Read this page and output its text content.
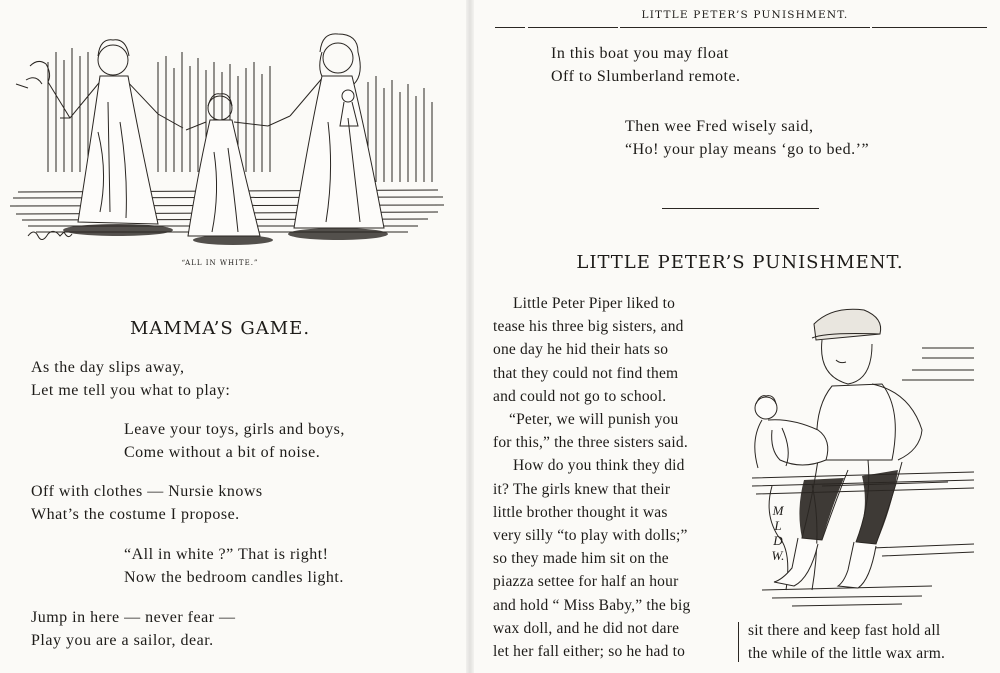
“ALL IN WHITE.”
MAMMA’S GAME.
As the day slips away,
Let me tell you what to play:
Leave your toys, girls and boys,
Come without a bit of noise.
Off with clothes — Nursie knows
What’s the costume I propose.
“All in white ?” That is right!
Now the bedroom candles light.
Jump in here — never fear —
Play you are a sailor, dear.
LITTLE PETER’S PUNISHMENT.
In this boat you may float
Off to Slumberland remote.
Then wee Fred wisely said,
“Ho! your play means ‘go to bed.’”
LITTLE PETER’S PUNISHMENT.
Little Peter Piper liked to
tease his three big sisters, and
one day he hid their hats so
that they could not find them
and could not go to school.
“Peter, we will punish you
for this,” the three sisters said.
How do you think they did
it? The girls knew that their
little brother thought it was
very silly “to play with dolls;”
so they made him sit on the
piazza settee for half an hour
and hold “ Miss Baby,” the big
wax doll, and he did not dare
let her fall either; so he had to
sit there and keep fast hold all
the while of the little wax arm.
M
L
D
W.
